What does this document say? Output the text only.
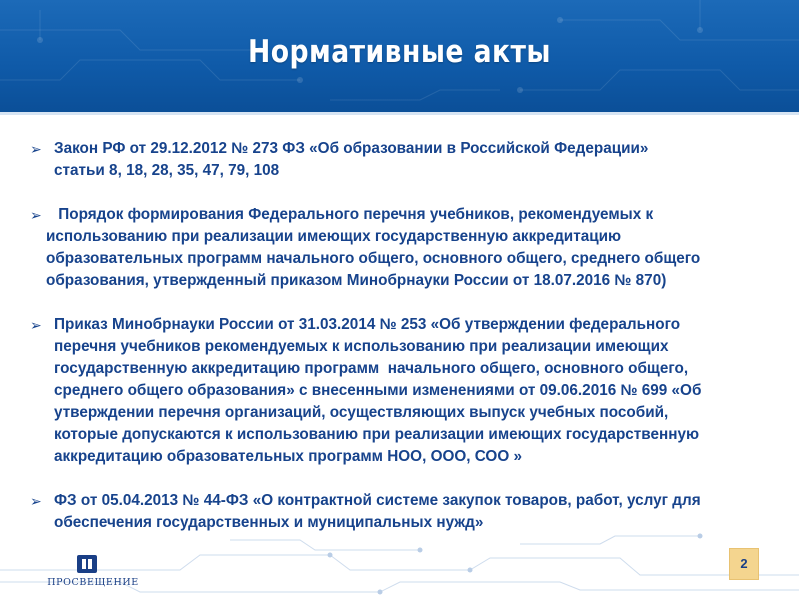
Нормативные акты
➢ Закон РФ от 29.12.2012 № 273 ФЗ «Об образовании в Российской Федерации»
статьи 8, 18, 28, 35, 47, 79, 108
➢ Порядок формирования Федерального перечня учебников, рекомендуемых к
использованию при реализации имеющих государственную аккредитацию
образовательных программ начального общего, основного общего, среднего общего
образования, утвержденный приказом Минобрнауки России от 18.07.2016 № 870)
➢ Приказ Минобрнауки России от 31.03.2014 № 253 «Об утверждении федерального
перечня учебников рекомендуемых к использованию при реализации имеющих
государственную аккредитацию программ  начального общего, основного общего,
среднего общего образования» с внесенными изменениями от 09.06.2016 № 699 «Об
утверждении перечня организаций, осуществляющих выпуск учебных пособий,
которые допускаются к использованию при реализации имеющих государственную
аккредитацию образовательных программ НОО, ООО, СОО »
➢ ФЗ от 05.04.2013 № 44-ФЗ «О контрактной системе закупок товаров, работ, услуг для
обеспечения государственных и муниципальных нужд»
ПРОСВЕЩЕНИЕ
2
